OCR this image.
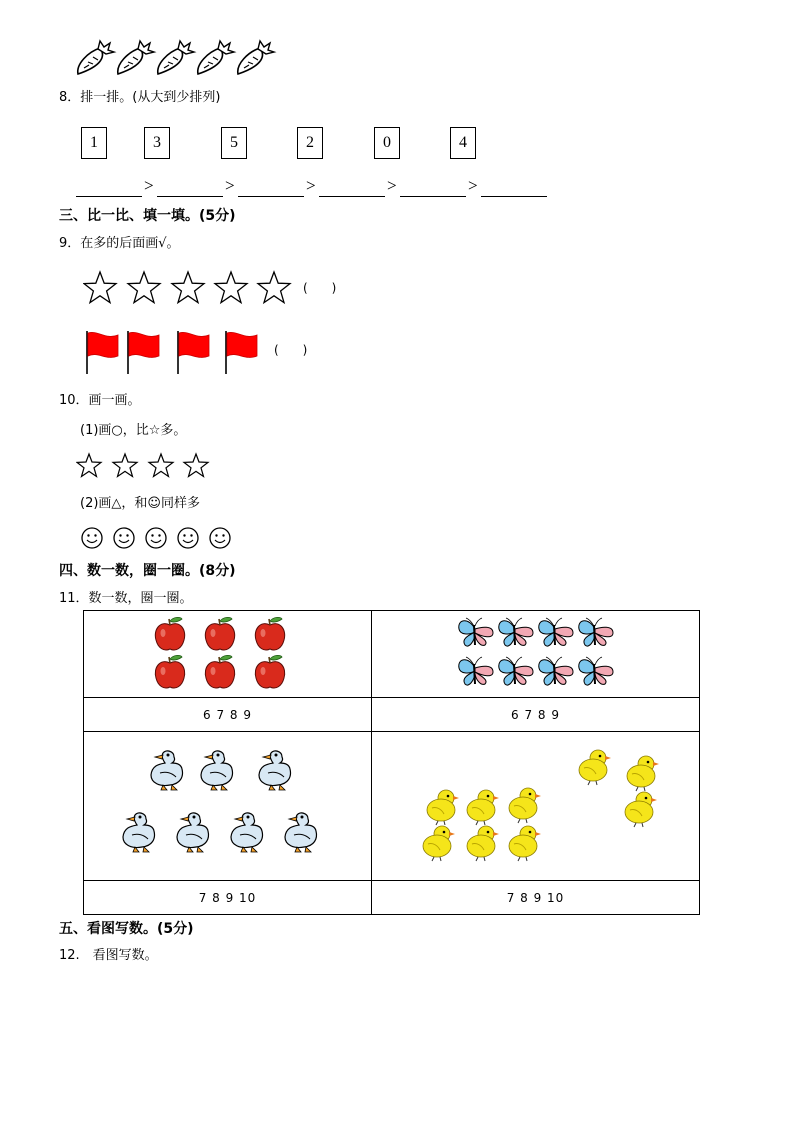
8．排一排。(从大到少排列)
1	3	5	2	0	4
>	>	>	>	>
三、比一比、填一填。(5分)
9．在多的后面画√。
(　　)
(　　)
10．画一画。
(1)画○，比☆多。
(2)画△，和☺同样多
四、数一数，圈一圈。(8分)
11．数一数，圈一圈。

6 7 8 9	6 7 8 9

7 8 9 10	7 8 9 10
五、看图写数。(5分)
12.　看图写数。
